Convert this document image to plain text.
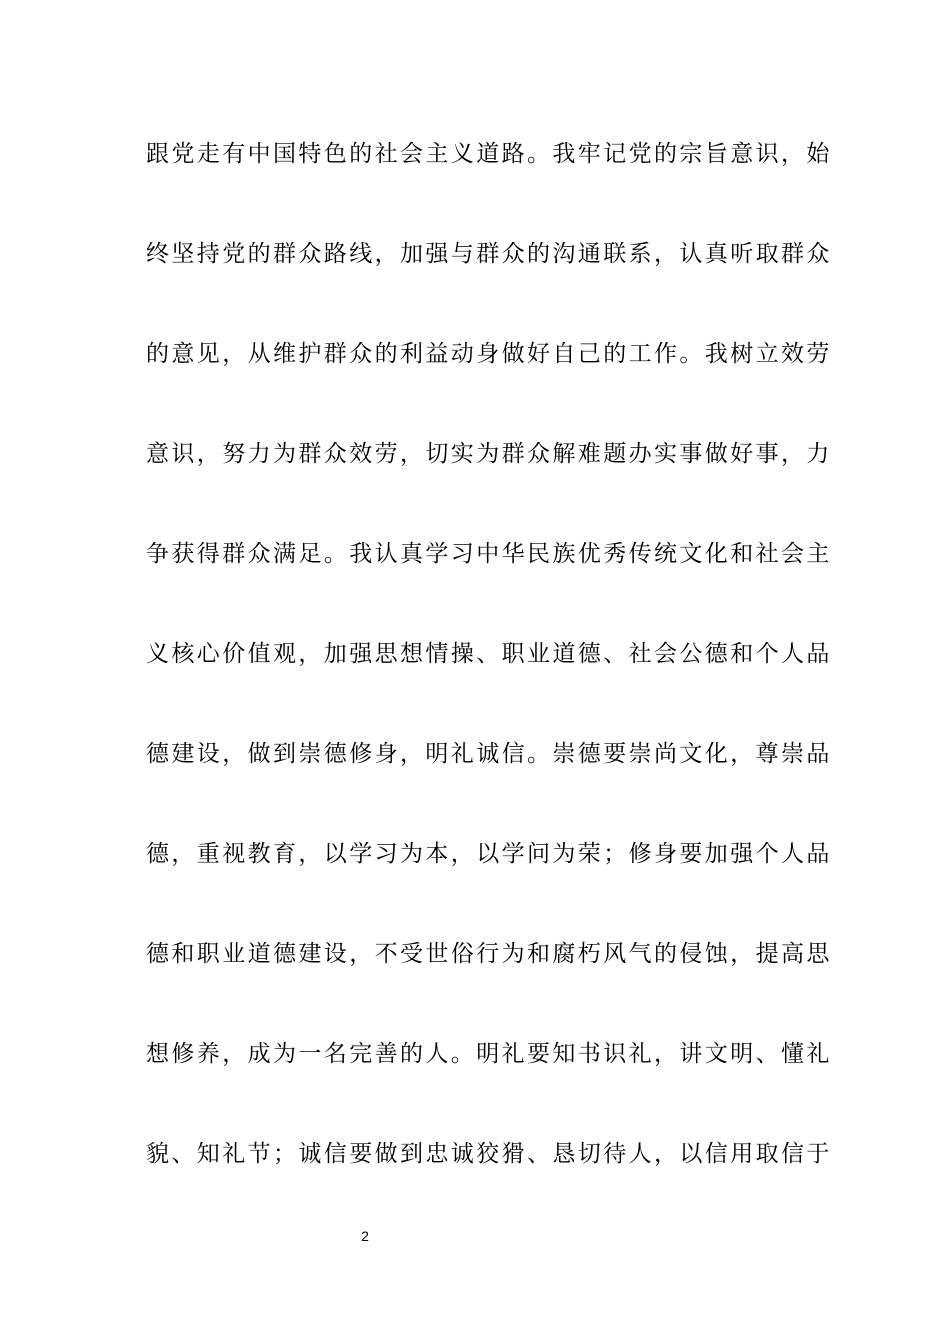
跟党走有中国特色的社会主义道路。我牢记党的宗旨意识，始
终坚持党的群众路线，加强与群众的沟通联系，认真听取群众
的意见，从维护群众的利益动身做好自己的工作。我树立效劳
意识，努力为群众效劳，切实为群众解难题办实事做好事，力
争获得群众满足。我认真学习中华民族优秀传统文化和社会主
义核心价值观，加强思想情操、职业道德、社会公德和个人品
德建设，做到崇德修身，明礼诚信。崇德要崇尚文化，尊崇品
德，重视教育，以学习为本，以学问为荣；修身要加强个人品
德和职业道德建设，不受世俗行为和腐朽风气的侵蚀，提高思
想修养，成为一名完善的人。明礼要知书识礼，讲文明、懂礼
貌、知礼节；诚信要做到忠诚狡猾、恳切待人，以信用取信于
2
